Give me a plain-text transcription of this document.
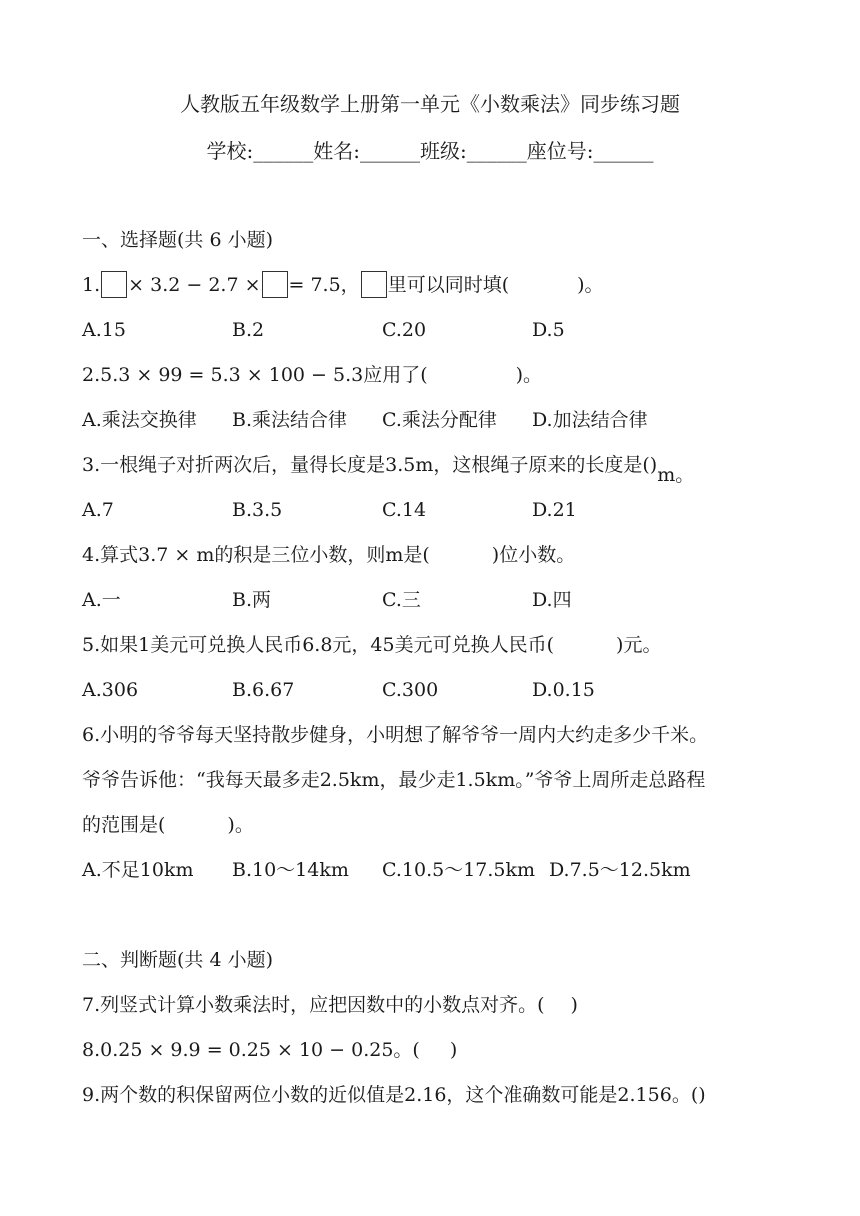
人教版五年级数学上册第一单元《小数乘法》同步练习题
学校:______姓名:______班级:______座位号:______
一、选择题(共 6 小题)
1. × 3.2 − 2.7 × = 7.5， 里可以同时填(	)。
A.15	B.2	C.20	D.5
2.5.3 × 99 = 5.3 × 100 − 5.3应用了(	)。
A.乘法交换律 B.乘法结合律 C.乘法分配律 D.加法结合律
3.一根绳子对折两次后，量得长度是3.5m，这根绳子原来的长度是()m。
A.7	B.3.5	C.14	D.21
4.算式3.7 × m的积是三位小数，则m是(	)位小数。
A.一	B.两	C.三	D.四
5.如果1美元可兑换人民币6.8元，45美元可兑换人民币(	)元。
A.306	B.6.67	C.300	D.0.15
6.小明的爷爷每天坚持散步健身，小明想了解爷爷一周内大约走多少千米。
爷爷告诉他：“我每天最多走2.5km，最少走1.5km。”爷爷上周所走总路程
的范围是(	)。
A.不足10km B.10～14km C.10.5～17.5km D.7.5～12.5km
二、判断题(共 4 小题)
7.列竖式计算小数乘法时，应把因数中的小数点对齐。( )
8.0.25 × 9.9 = 0.25 × 10 − 0.25。( )
9.两个数的积保留两位小数的近似值是2.16，这个准确数可能是2.156。()
